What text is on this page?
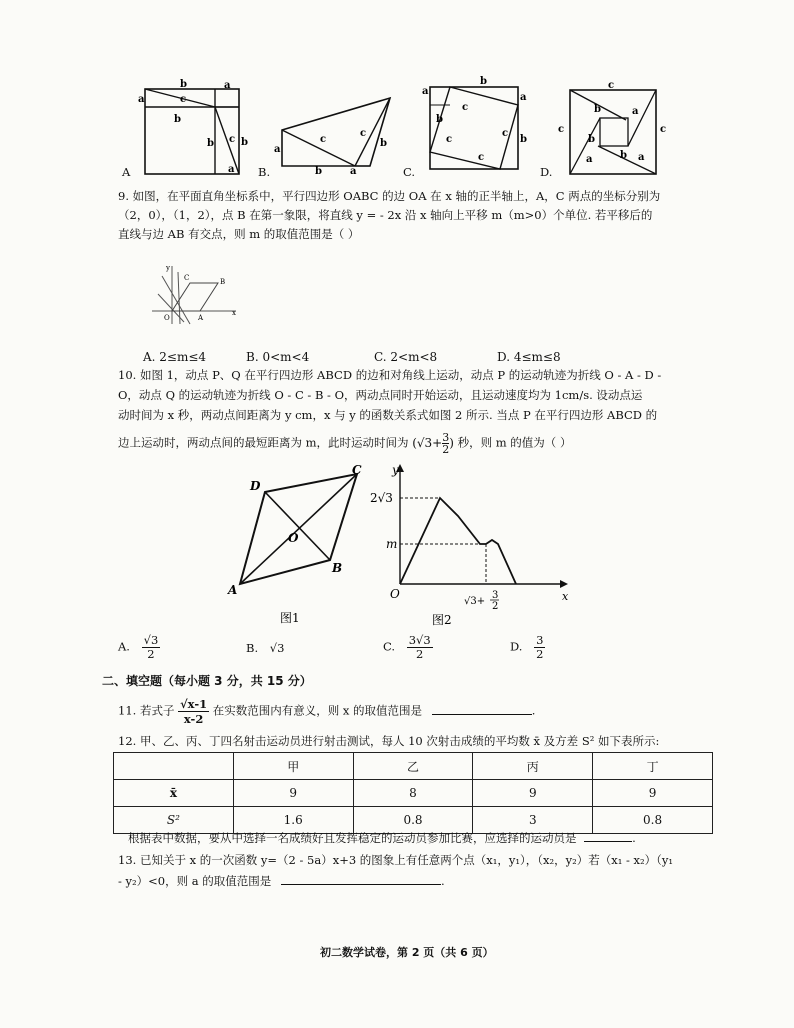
b	a
a	c
b
b c b
a
A
a
c
c
b	a
b
B.
a
b
b
a
b
c
c
c
c
C.
c
c	c
b	a
b
b
a	a
D.
9. 如图，在平面直角坐标系中，平行四边形 OABC 的边 OA 在 x 轴的正半轴上，A，C 两点的坐标分别为
（2，0），（1，2），点 B 在第一象限，将直线 y = - 2x 沿 x 轴向上平移 m（m>0）个单位. 若平移后的
直线与边 AB 有交点，则 m 的取值范围是（ ）
y
x
O	A
B
C
A. 2≤m≤4	B. 0<m<4	C. 2<m<8	D. 4≤m≤8
10. 如图 1，动点 P、Q 在平行四边形 ABCD 的边和对角线上运动，动点 P 的运动轨迹为折线 O - A - D -
O，动点 Q 的运动轨迹为折线 O - C - B - O，两动点同时开始运动，且运动速度均为 1cm/s. 设动点运
动时间为 x 秒，两动点间距离为 y cm，x 与 y 的函数关系式如图 2 所示. 当点 P 在平行四边形 ABCD 的
边上运动时，两动点间的最短距离为 m，此时运动时间为 ($√3+ \frac{3}{2}$ ) 秒，则 m 的值为（ ）
A
D
C
B
O
图1
y
x
O
2√3
m
√3+
3
2
图2
A. $\frac{√3}{2}$	B. √3	C. $\frac{3√3}{2}$	D. $\frac{3}{2}$
二、填空题（每小题 3 分，共 15 分）
11. 若式子 $\frac{√x-1}{x-2}$ 在实数范围内有意义，则 x 的取值范围是	.
12. 甲、乙、丙、丁四名射击运动员进行射击测试，每人 10 次射击成绩的平均数 x̄ 及方差 S² 如下表所示:
	甲	乙	丙	丁
x̄	9	8	9	9
S²	1.6	0.8	3	0.8
根据表中数据，要从中选择一名成绩好且发挥稳定的运动员参加比赛，应选择的运动员是	.
13. 已知关于 x 的一次函数 y=（2 - 5a）x+3 的图象上有任意两个点（x₁，y₁），（x₂，y₂）若（x₁ - x₂）（y₁
- y₂）<0，则 a 的取值范围是	.
初二数学试卷，第 2 页（共 6 页）
